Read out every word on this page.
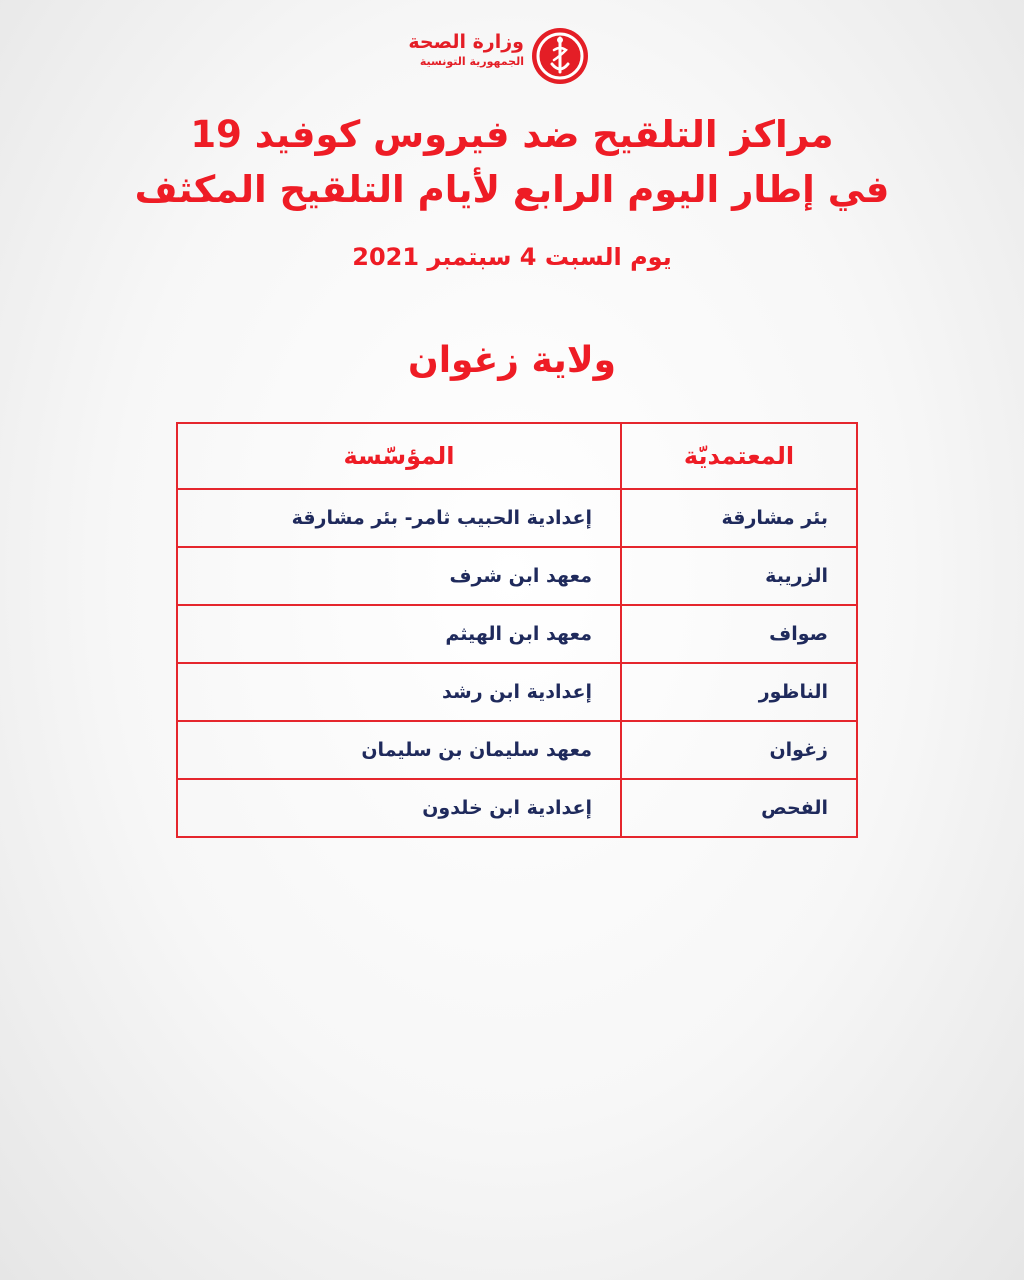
وزارة الصحة
الجمهورية التونسية
مراكز التلقيح ضد فيروس كوفيد 19
في إطار اليوم الرابع لأيام التلقيح المكثف
يوم السبت 4 سبتمبر 2021
ولاية زغوان
المعتمديّة	المؤسّسة
بئر مشارقة	إعدادية الحبيب ثامر- بئر مشارقة
الزريبة	معهد ابن شرف
صواف	معهد ابن الهيثم
الناظور	إعدادية ابن رشد
زغوان	معهد سليمان بن سليمان
الفحص	إعدادية ابن خلدون
